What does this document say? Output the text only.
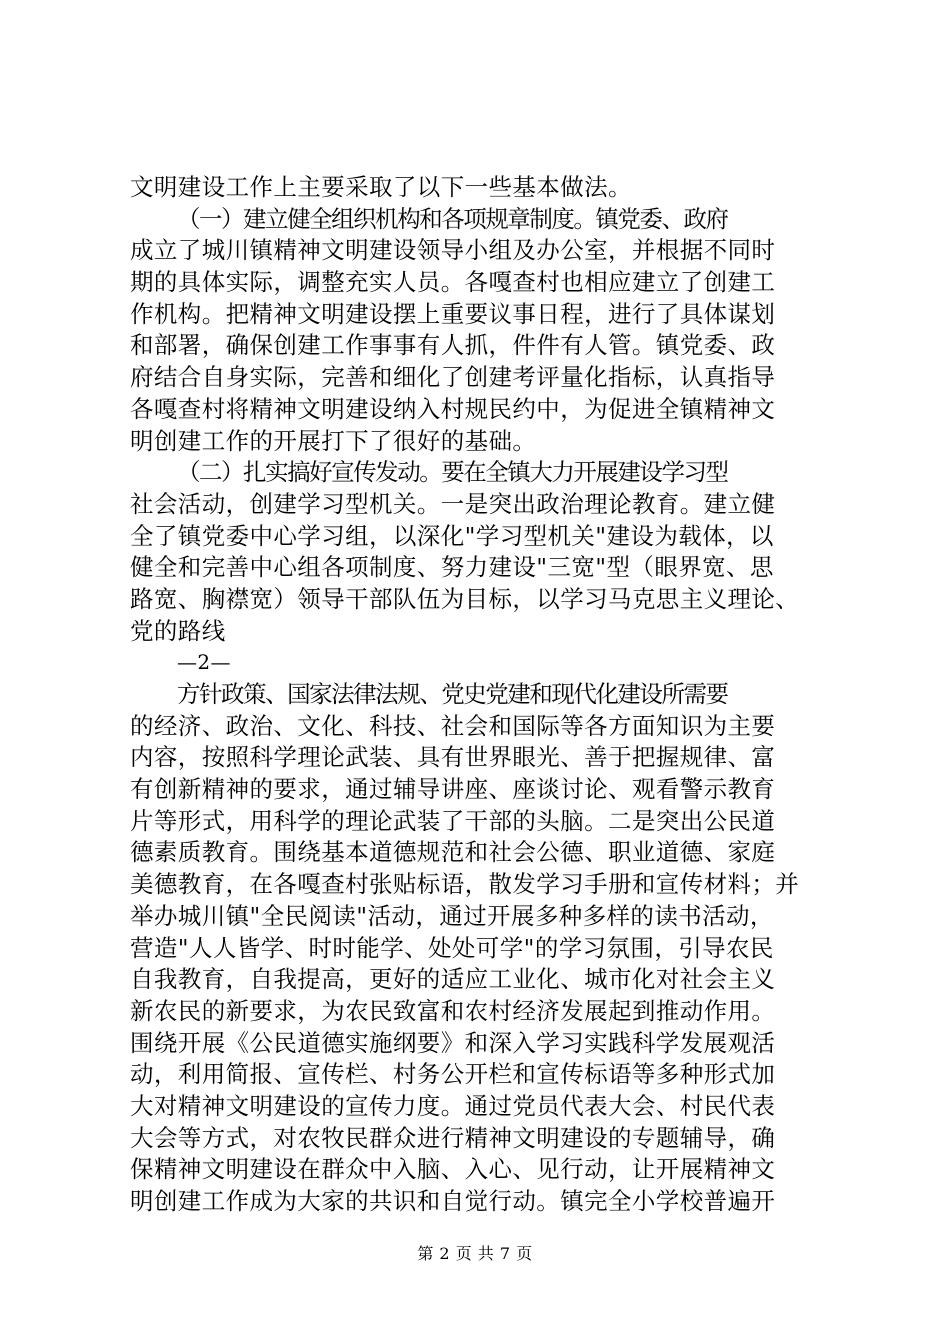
文明建设工作上主要采取了以下一些基本做法。
（一）建立健全组织机构和各项规章制度。镇党委、政府
成立了城川镇精神文明建设领导小组及办公室，并根据不同时
期的具体实际，调整充实人员。各嘎查村也相应建立了创建工
作机构。把精神文明建设摆上重要议事日程，进行了具体谋划
和部署，确保创建工作事事有人抓，件件有人管。镇党委、政
府结合自身实际，完善和细化了创建考评量化指标，认真指导
各嘎查村将精神文明建设纳入村规民约中，为促进全镇精神文
明创建工作的开展打下了很好的基础。
（二）扎实搞好宣传发动。要在全镇大力开展建设学习型
社会活动，创建学习型机关。一是突出政治理论教育。建立健
全了镇党委中心学习组，以深化"学习型机关"建设为载体，以
健全和完善中心组各项制度、努力建设"三宽"型（眼界宽、思
路宽、胸襟宽）领导干部队伍为目标，以学习马克思主义理论、
党的路线
—2—
方针政策、国家法律法规、党史党建和现代化建设所需要
的经济、政治、文化、科技、社会和国际等各方面知识为主要
内容，按照科学理论武装、具有世界眼光、善于把握规律、富
有创新精神的要求，通过辅导讲座、座谈讨论、观看警示教育
片等形式，用科学的理论武装了干部的头脑。二是突出公民道
德素质教育。围绕基本道德规范和社会公德、职业道德、家庭
美德教育，在各嘎查村张贴标语，散发学习手册和宣传材料；并
举办城川镇"全民阅读"活动，通过开展多种多样的读书活动，
营造"人人皆学、时时能学、处处可学"的学习氛围，引导农民
自我教育，自我提高，更好的适应工业化、城市化对社会主义
新农民的新要求，为农民致富和农村经济发展起到推动作用。
围绕开展《公民道德实施纲要》和深入学习实践科学发展观活
动，利用简报、宣传栏、村务公开栏和宣传标语等多种形式加
大对精神文明建设的宣传力度。通过党员代表大会、村民代表
大会等方式，对农牧民群众进行精神文明建设的专题辅导，确
保精神文明建设在群众中入脑、入心、见行动，让开展精神文
明创建工作成为大家的共识和自觉行动。镇完全小学校普遍开
第 2 页 共 7 页
